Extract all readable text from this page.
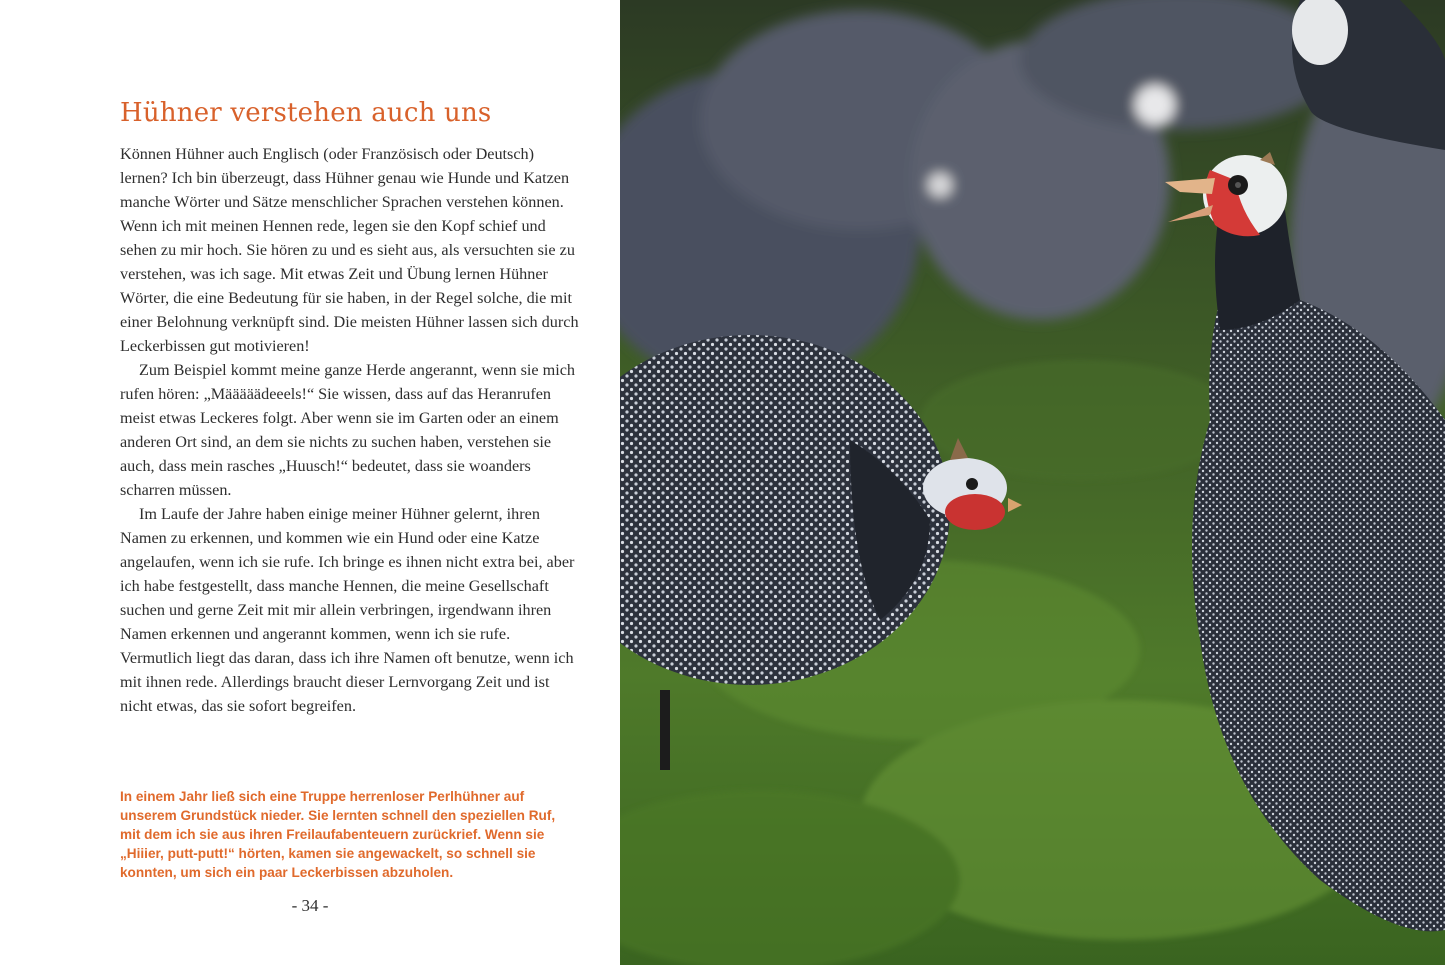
Hühner verstehen auch uns

Können Hühner auch Englisch (oder Französisch oder Deutsch) lernen? Ich bin überzeugt, dass Hühner genau wie Hunde und Katzen manche Wörter und Sätze menschlicher Sprachen verstehen können. Wenn ich mit meinen Hennen rede, legen sie den Kopf schief und sehen zu mir hoch. Sie hören zu und es sieht aus, als versuchten sie zu verstehen, was ich sage. Mit etwas Zeit und Übung lernen Hühner Wörter, die eine Bedeutung für sie haben, in der Regel solche, die mit einer Belohnung verknüpft sind. Die meisten Hühner lassen sich durch Leckerbissen gut motivieren!

Zum Beispiel kommt meine ganze Herde angerannt, wenn sie mich rufen hören: „Määääädeeels!“ Sie wissen, dass auf das Heranrufen meist etwas Leckeres folgt. Aber wenn sie im Garten oder an einem anderen Ort sind, an dem sie nichts zu suchen haben, verstehen sie auch, dass mein rasches „Huusch!“ bedeutet, dass sie woanders scharren müssen.

Im Laufe der Jahre haben einige meiner Hühner gelernt, ihren Namen zu erkennen, und kommen wie ein Hund oder eine Katze angelaufen, wenn ich sie rufe. Ich bringe es ihnen nicht extra bei, aber ich habe festgestellt, dass manche Hennen, die meine Gesellschaft suchen und gerne Zeit mit mir allein verbringen, irgendwann ihren Namen erkennen und angerannt kommen, wenn ich sie rufe. Vermutlich liegt das daran, dass ich ihre Namen oft benutze, wenn ich mit ihnen rede. Allerdings braucht dieser Lernvorgang Zeit und ist nicht etwas, das sie sofort begreifen.

In einem Jahr ließ sich eine Truppe herrenloser Perlhühner auf unserem Grundstück nieder. Sie lernten schnell den speziellen Ruf, mit dem ich sie aus ihren Freilaufabenteuern zurückrief. Wenn sie „Hiiier, putt-putt!“ hörten, kamen sie angewackelt, so schnell sie konnten, um sich ein paar Leckerbissen abzuholen.

- 34 -
